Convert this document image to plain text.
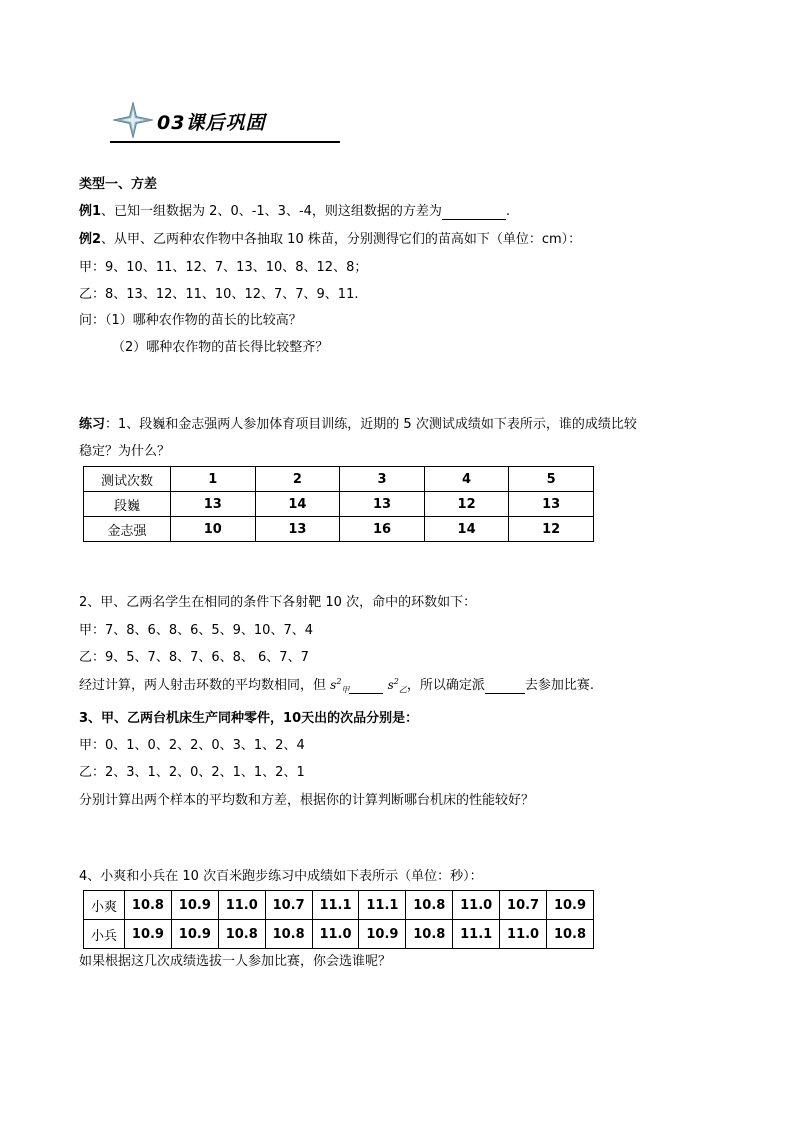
03课后巩固
类型一、方差
例1、已知一组数据为 2、0、-1、3、-4，则这组数据的方差为	.
例2、从甲、乙两种农作物中各抽取 10 株苗，分别测得它们的苗高如下（单位：cm）：
甲：9、10、11、12、7、13、10、8、12、8；
乙：8、13、12、11、10、12、7、7、9、11.
问：（1）哪种农作物的苗长的比较高？
（2）哪种农作物的苗长得比较整齐？
练习：1、段巍和金志强两人参加体育项目训练，近期的 5 次测试成绩如下表所示，谁的成绩比较
稳定？为什么？
测试次数	1	2	3	4	5
段巍	13	14	13	12	13
金志强	10	13	16	14	12
2、甲、乙两名学生在相同的条件下各射靶 10 次，命中的环数如下：
甲：7、8、6、8、6、5、9、10、7、4
乙：9、5、7、8、7、6、8、 6、7、7
经过计算，两人射击环数的平均数相同，但 $s^2_甲$	$s^2_乙$，所以确定派	去参加比赛.
3、甲、乙两台机床生产同种零件，10天出的次品分别是：
甲：0、1、0、2、2、0、3、1、2、4
乙：2、3、1、2、0、2、1、1、2、1
分别计算出两个样本的平均数和方差，根据你的计算判断哪台机床的性能较好？
4、小爽和小兵在 10 次百米跑步练习中成绩如下表所示（单位：秒）：
小爽	10.8	10.9	11.0	10.7	11.1	11.1	10.8	11.0	10.7	10.9
小兵	10.9	10.9	10.8	10.8	11.0	10.9	10.8	11.1	11.0	10.8
如果根据这几次成绩选拔一人参加比赛，你会选谁呢？
